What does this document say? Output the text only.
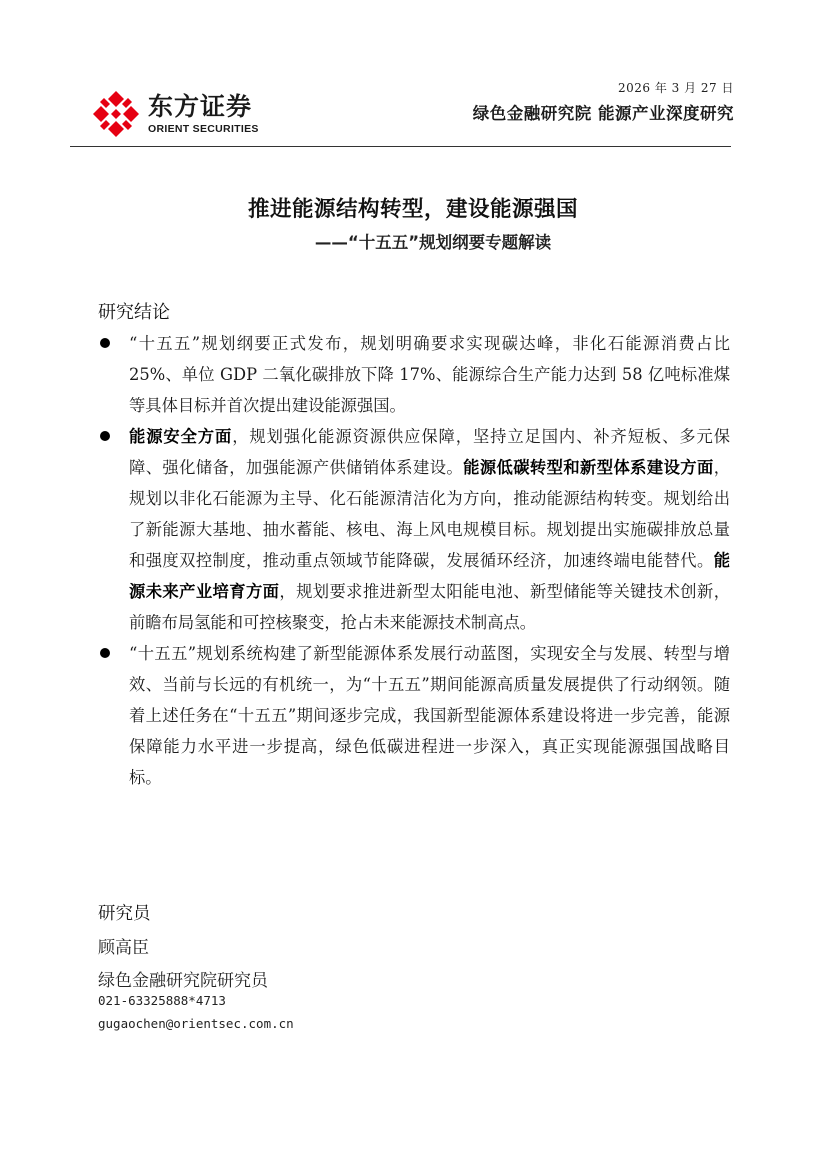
2026 年 3 月 27 日
东方证券
ORIENT SECURITIES
绿色金融研究院 能源产业深度研究
推进能源结构转型，建设能源强国
——“十五五”规划纲要专题解读
研究结论
“十五五”规划纲要正式发布，规划明确要求实现碳达峰，非化石能源消费占比 25%、单位 GDP 二氧化碳排放下降 17%、能源综合生产能力达到 58 亿吨标准煤等具体目标并首次提出建设能源强国。
能源安全方面，规划强化能源资源供应保障，坚持立足国内、补齐短板、多元保障、强化储备，加强能源产供储销体系建设。能源低碳转型和新型体系建设方面，规划以非化石能源为主导、化石能源清洁化为方向，推动能源结构转变。规划给出了新能源大基地、抽水蓄能、核电、海上风电规模目标。规划提出实施碳排放总量和强度双控制度，推动重点领域节能降碳，发展循环经济，加速终端电能替代。能源未来产业培育方面，规划要求推进新型太阳能电池、新型储能等关键技术创新，前瞻布局氢能和可控核聚变，抢占未来能源技术制高点。
“十五五”规划系统构建了新型能源体系发展行动蓝图，实现安全与发展、转型与增效、当前与长远的有机统一，为“十五五”期间能源高质量发展提供了行动纲领。随着上述任务在“十五五”期间逐步完成，我国新型能源体系建设将进一步完善，能源保障能力水平进一步提高，绿色低碳进程进一步深入，真正实现能源强国战略目标。
研究员
顾高臣
绿色金融研究院研究员
021-63325888*4713
gugaochen@orientsec.com.cn
